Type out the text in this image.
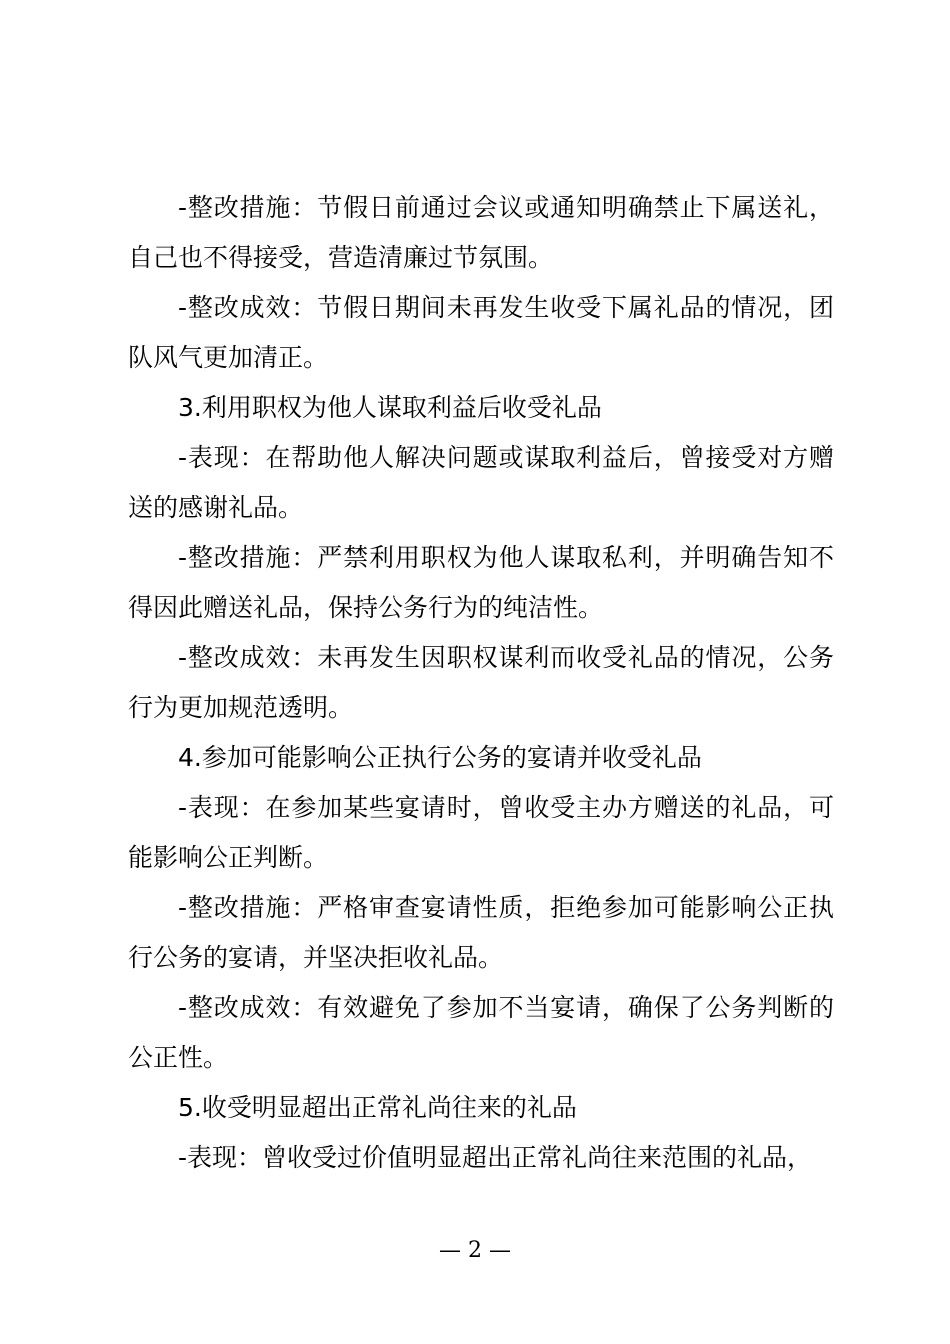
-整改措施：节假日前通过会议或通知明确禁止下属送礼，自己也不得接受，营造清廉过节氛围。

-整改成效：节假日期间未再发生收受下属礼品的情况，团队风气更加清正。

3.利用职权为他人谋取利益后收受礼品

-表现：在帮助他人解决问题或谋取利益后，曾接受对方赠送的感谢礼品。

-整改措施：严禁利用职权为他人谋取私利，并明确告知不得因此赠送礼品，保持公务行为的纯洁性。

-整改成效：未再发生因职权谋利而收受礼品的情况，公务行为更加规范透明。

4.参加可能影响公正执行公务的宴请并收受礼品

-表现：在参加某些宴请时，曾收受主办方赠送的礼品，可能影响公正判断。

-整改措施：严格审查宴请性质，拒绝参加可能影响公正执行公务的宴请，并坚决拒收礼品。

-整改成效：有效避免了参加不当宴请，确保了公务判断的公正性。

5.收受明显超出正常礼尚往来的礼品

-表现：曾收受过价值明显超出正常礼尚往来范围的礼品，

— 2 —
